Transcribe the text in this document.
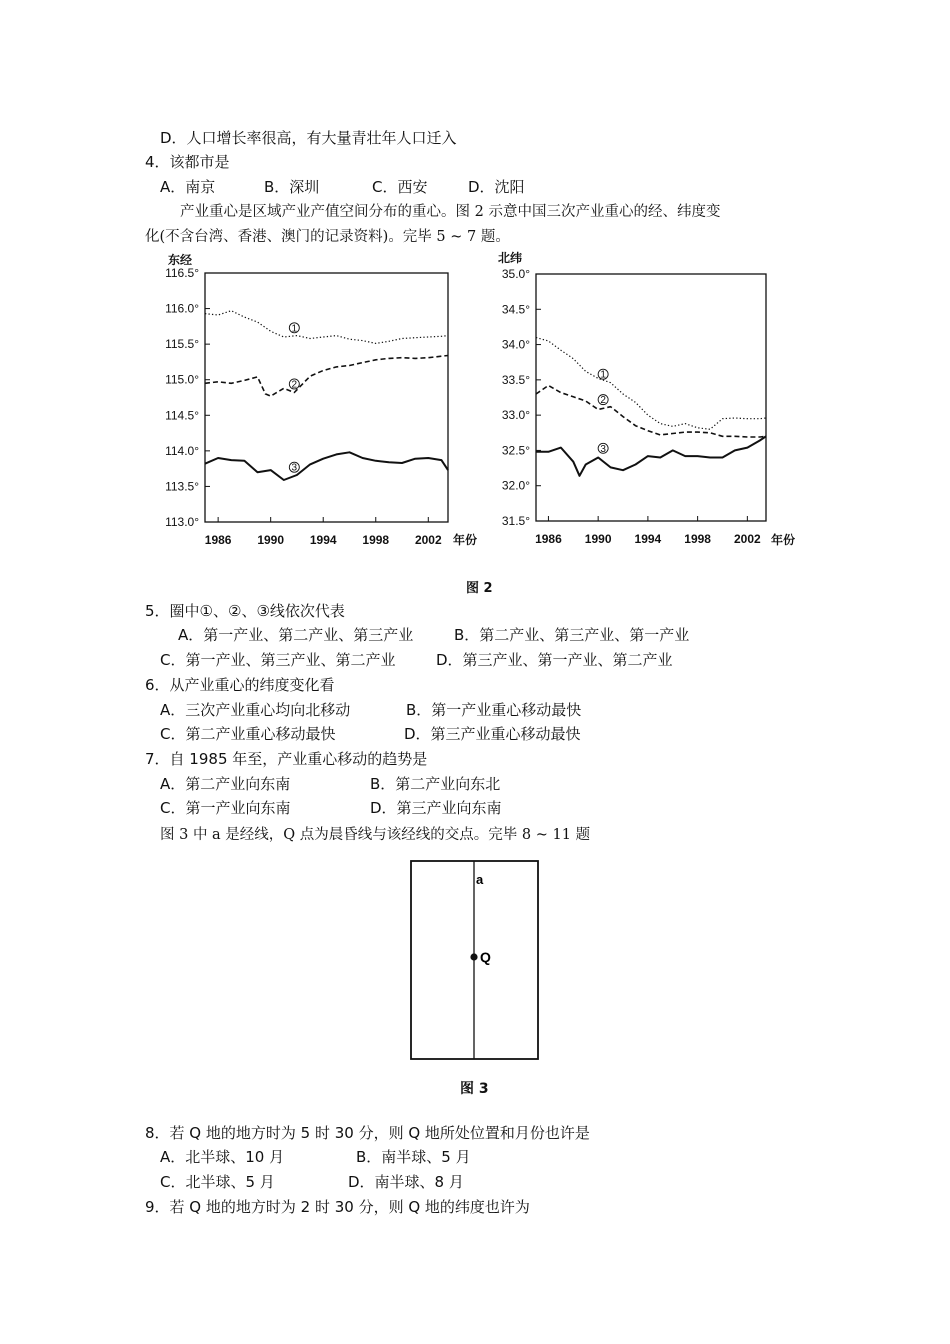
D．人口增长率很高，有大量青壮年人口迁入
4．该都市是
A．南京	B．深圳	C．西安	D．沈阳
产业重心是区域产业产值空间分布的重心。图 2 示意中国三次产业重心的经、纬度变
化(不含台湾、香港、澳门的记录资料)。完毕 5 ~ 7 题。
东经
116.5°
116.0°
115.5°
115.0°
114.5°
114.0°
113.5°
113.0°
1986 1990 1994 1998 2002 年份
1
2
3
北纬
35.0°
34.5°
34.0°
33.5°
33.0°
32.5°
32.0°
31.5°
1986 1990 1994 1998 2002 年份
1
2
3
图 2
5．圈中①、②、③线依次代表
A．第一产业、第二产业、第三产业	B．第二产业、第三产业、第一产业
C．第一产业、第三产业、第二产业	D．第三产业、第一产业、第二产业
6．从产业重心的纬度变化看
A．三次产业重心均向北移动	B．第一产业重心移动最快
C．第二产业重心移动最快	D．第三产业重心移动最快
7．自 1985 年至，产业重心移动的趋势是
A．第二产业向东南	B．第二产业向东北
C．第一产业向东南	D．第三产业向东南
图 3 中 a 是经线，Q 点为晨昏线与该经线的交点。完毕 8 ~ 11 题
a
Q
图 3
8．若 Q 地的地方时为 5 时 30 分，则 Q 地所处位置和月份也许是
A．北半球、10 月	B．南半球、5 月
C．北半球、5 月	D．南半球、8 月
9．若 Q 地的地方时为 2 时 30 分，则 Q 地的纬度也许为
